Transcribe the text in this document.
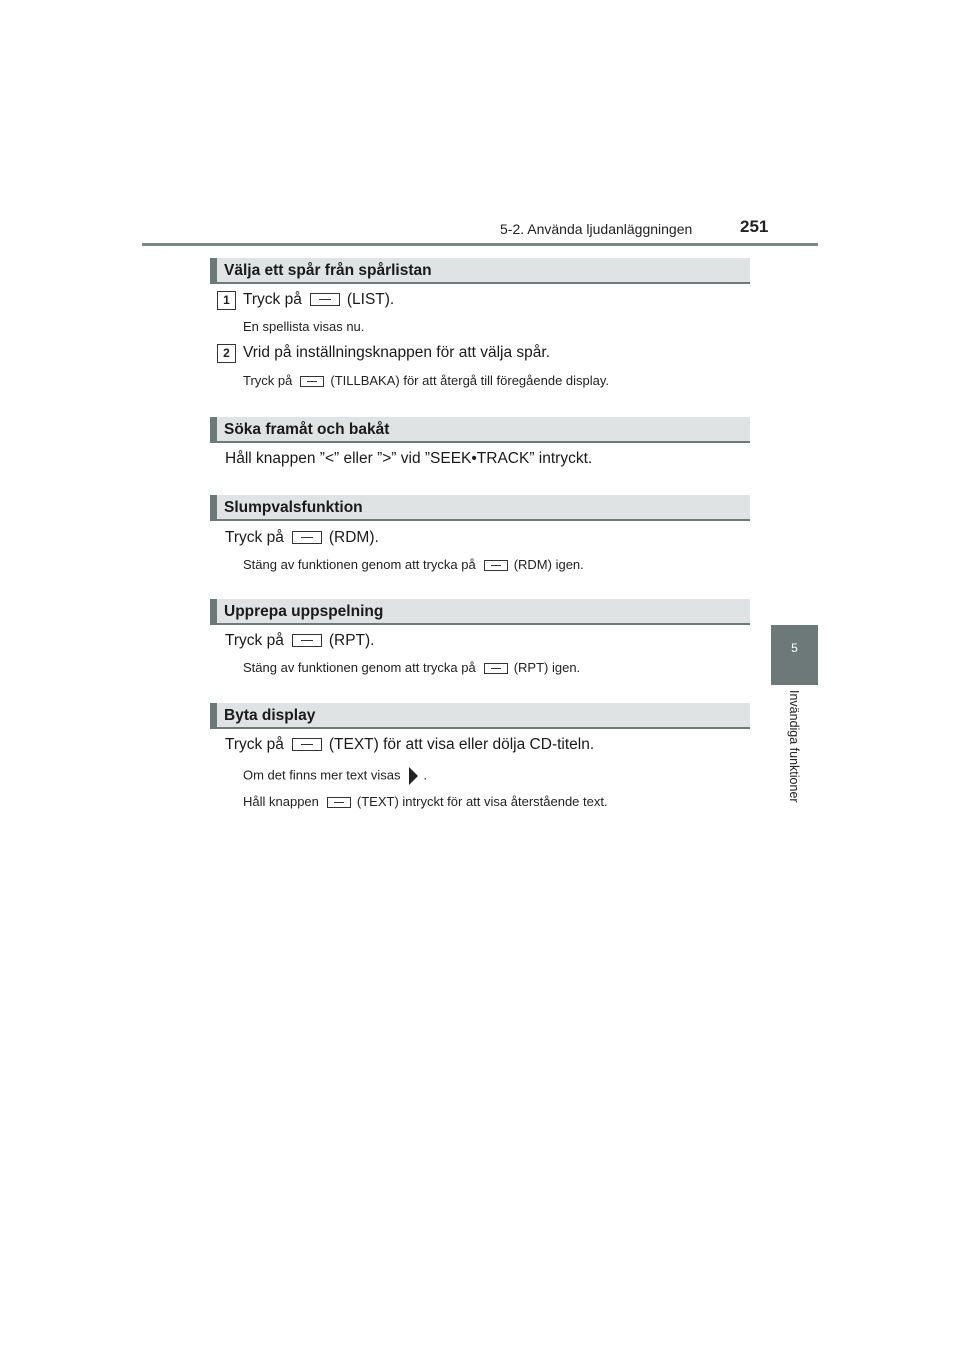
5-2. Använda ljudanläggningen	251
5
Invändiga funktioner
Välja ett spår från spårlistan
1 Tryck på	(LIST).
En spellista visas nu.
2 Vrid på inställningsknappen för att välja spår.
Tryck på	(TILLBAKA) för att återgå till föregående display.
Söka framåt och bakåt
Håll knappen ”<” eller ”>” vid ”SEEK•TRACK” intryckt.
Slumpvalsfunktion
Tryck på	(RDM).
Stäng av funktionen genom att trycka på	(RDM) igen.
Upprepa uppspelning
Tryck på	(RPT).
Stäng av funktionen genom att trycka på	(RPT) igen.
Byta display
Tryck på	(TEXT) för att visa eller dölja CD-titeln.
Om det finns mer text visas .
Håll knappen	(TEXT) intryckt för att visa återstående text.
